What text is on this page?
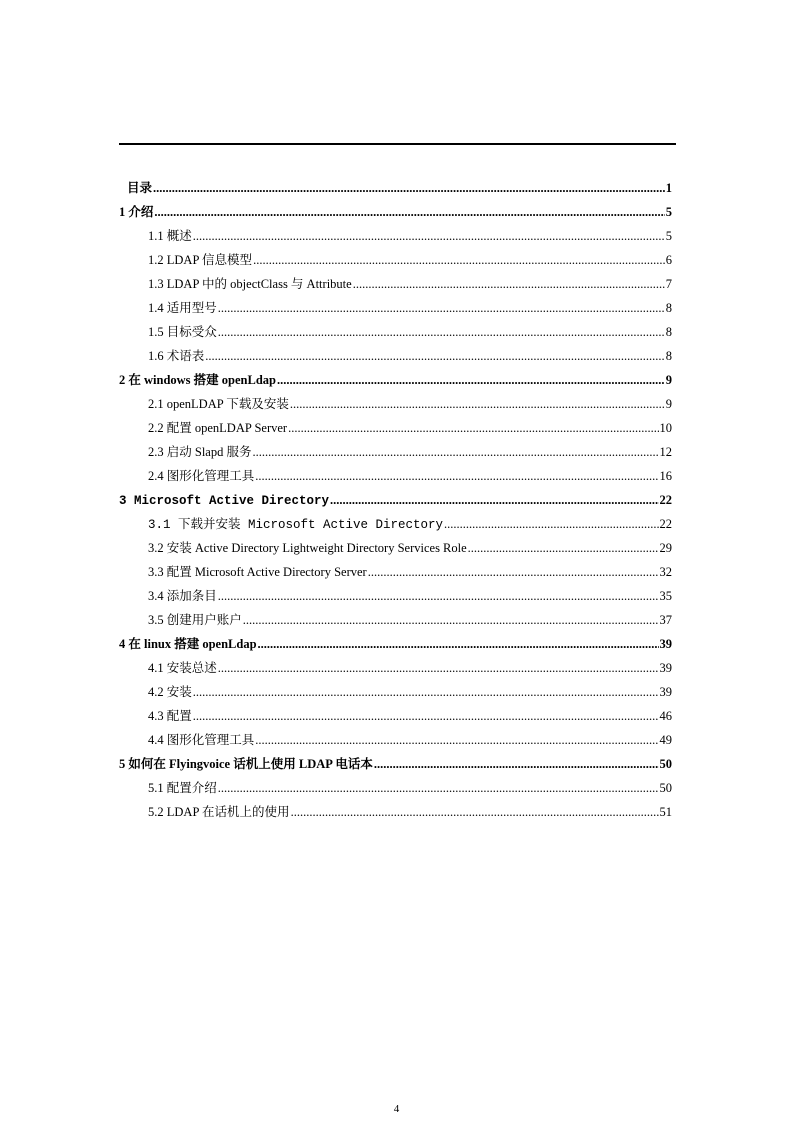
目录 .....	1
1 介绍 .....	5
1.1 概述 .....	5
1.2 LDAP 信息模型 .....	6
1.3 LDAP 中的 objectClass 与 Attribute .....	7
1.4 适用型号 .....	8
1.5 目标受众 .....	8
1.6 术语表 .....	8
2 在 windows 搭建 openLdap .....	9
2.1 openLDAP 下载及安装 .....	9
2.2 配置 openLDAP Server .....	10
2.3 启动 Slapd 服务 .....	12
2.4 图形化管理工具 .....	16
3 Microsoft Active Directory .....	22
3.1 下载并安装 Microsoft Active Directory .....	22
3.2 安装 Active Directory Lightweight Directory Services Role .....	29
3.3 配置 Microsoft Active Directory Server .....	32
3.4 添加条目 .....	35
3.5 创建用户账户 .....	37
4 在 linux 搭建 openLdap .....	39
4.1 安装总述 .....	39
4.2 安装 .....	39
4.3 配置 .....	46
4.4 图形化管理工具 .....	49
5 如何在 Flyingvoice 话机上使用 LDAP 电话本 .....	50
5.1 配置介绍 .....	50
5.2 LDAP 在话机上的使用 .....	51
4
